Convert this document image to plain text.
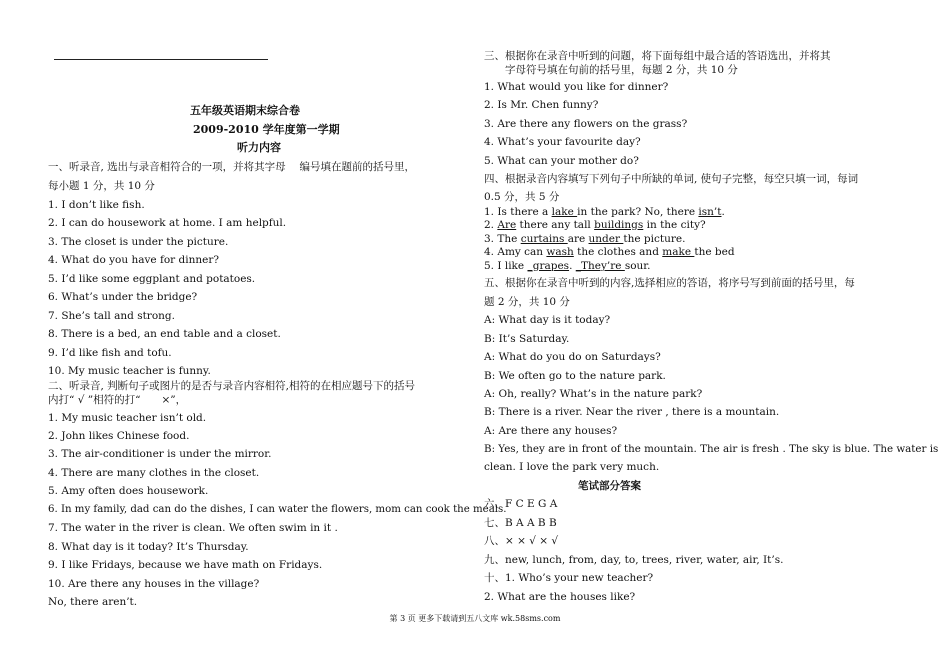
五年级英语期末综合卷
2009-2010 学年度第一学期
听力内容
一、听录音, 选出与录音相符合的一项，并将其字母　 编号填在题前的括号里，
每小题 1 分，共 10 分
1. I don’t like fish.
2. I can do housework at home. I am helpful.
3. The closet is under the picture.
4. What do you have for dinner?
5. I’d like some eggplant and potatoes.
6. What’s under the bridge?
7. She’s tall and strong.
8. There is a bed, an end table and a closet.
9. I’d like fish and tofu.
10. My music teacher is funny.
二、听录音, 判断句子或图片的是否与录音内容相符,相符的在相应题号下的括号
内打“ √ ”相符的打“　　×”，
1. My music teacher isn’t old.
2. John likes Chinese food.
3. The air-conditioner is under the mirror.
4. There are many clothes in the closet.
5. Amy often does housework.
6. In my family, dad can do the dishes, I can water the flowers, mom can cook the meals.
7. The water in the river is clean. We often swim in it .
8. What day is it today? It’s Thursday.
9. I like Fridays, because we have math on Fridays.
10. Are there any houses in the village?
No, there aren’t.
三、根据你在录音中听到的问题，将下面每组中最合适的答语选出，并将其
字母符号填在句前的括号里，每题 2 分，共 10 分
1. What would you like for dinner?
2. Is Mr. Chen funny?
3. Are there any flowers on the grass?
4. What’s your favourite day?
5. What can your mother do?
四、根据录音内容填写下列句子中所缺的单词, 使句子完整，每空只填一词，每词
0.5 分，共 5 分
1. Is there a lake in the park? No, there isn’t.
2. Are there any tall buildings in the city?
3. The curtains are under the picture.
4. Amy can wash the clothes and make the bed
5. I like _grapes. _They’re sour.
五、根据你在录音中听到的内容,选择相应的答语，将序号写到前面的括号里，每
题 2 分，共 10 分
A: What day is it today?
B: It’s Saturday.
A: What do you do on Saturdays?
B: We often go to the nature park.
A: Oh, really? What’s in the nature park?
B: There is a river. Near the river , there is a mountain.
A: Are there any houses?
B: Yes, they are in front of the mountain. The air is fresh . The sky is blue. The water is
clean. I love the park very much.
笔试部分答案
六、F C E G A
七、B A A B B
八、× × √ × √
九、new, lunch, from, day, to, trees, river, water, air, It’s.
十、1. Who’s your new teacher?
2. What are the houses like?
第 3 页 更多下载请到五八文库 wk.58sms.com
